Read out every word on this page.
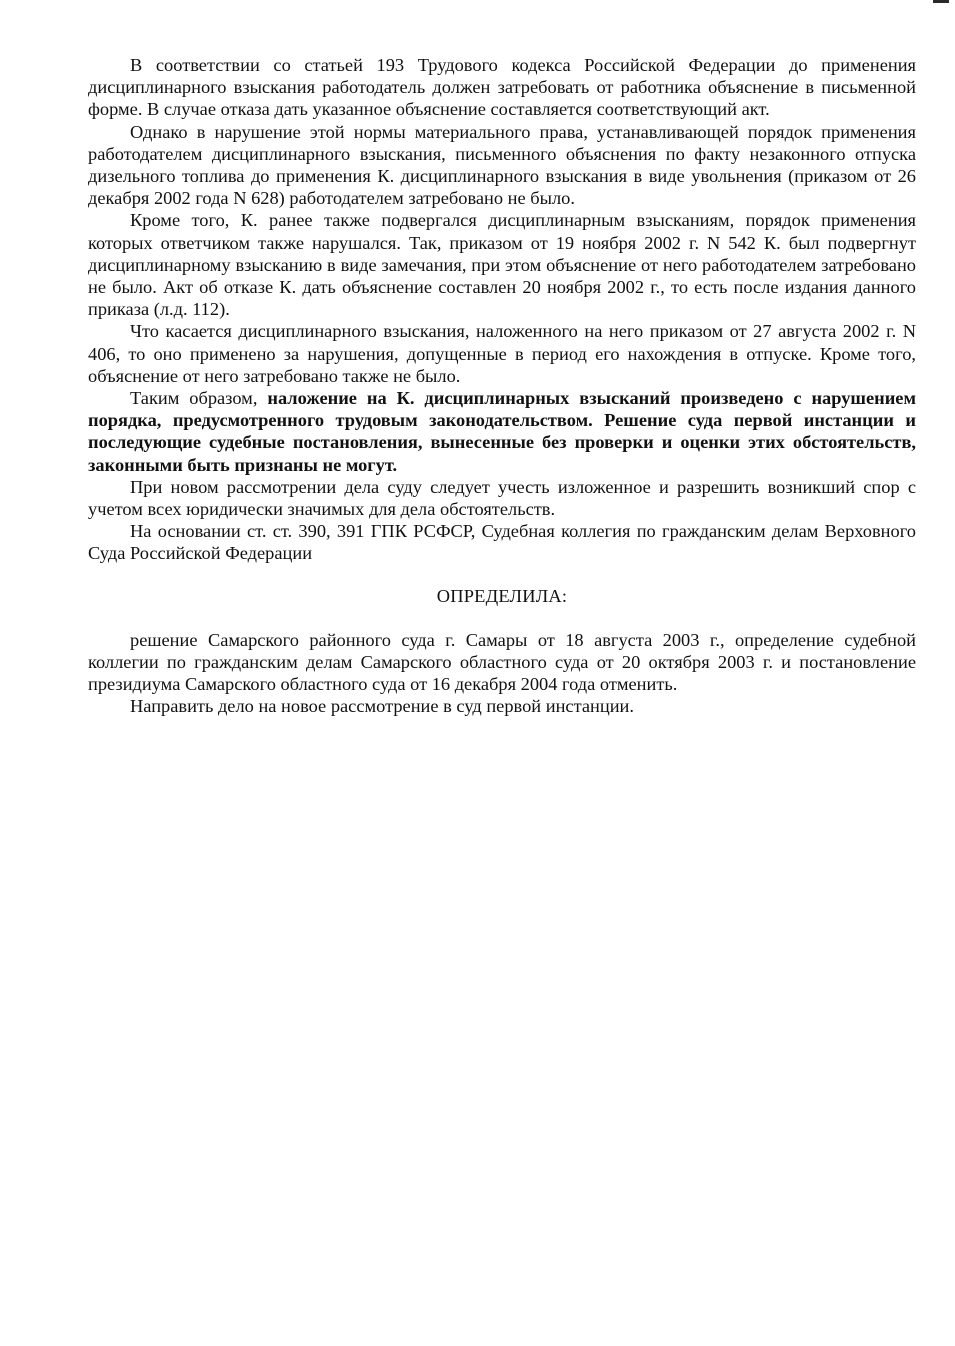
В соответствии со статьей 193 Трудового кодекса Российской Федерации до применения дисциплинарного взыскания работодатель должен затребовать от работника объяснение в письменной форме. В случае отказа дать указанное объяснение составляется соответствующий акт.

Однако в нарушение этой нормы материального права, устанавливающей порядок применения работодателем дисциплинарного взыскания, письменного объяснения по факту незаконного отпуска дизельного топлива до применения К. дисциплинарного взыскания в виде увольнения (приказом от 26 декабря 2002 года N 628) работодателем затребовано не было.

Кроме того, К. ранее также подвергался дисциплинарным взысканиям, порядок применения которых ответчиком также нарушался. Так, приказом от 19 ноября 2002 г. N 542 К. был подвергнут дисциплинарному взысканию в виде замечания, при этом объяснение от него работодателем затребовано не было. Акт об отказе К. дать объяснение составлен 20 ноября 2002 г., то есть после издания данного приказа (л.д. 112).

Что касается дисциплинарного взыскания, наложенного на него приказом от 27 августа 2002 г. N 406, то оно применено за нарушения, допущенные в период его нахождения в отпуске. Кроме того, объяснение от него затребовано также не было.

Таким образом, наложение на К. дисциплинарных взысканий произведено с нарушением порядка, предусмотренного трудовым законодательством. Решение суда первой инстанции и последующие судебные постановления, вынесенные без проверки и оценки этих обстоятельств, законными быть признаны не могут.

При новом рассмотрении дела суду следует учесть изложенное и разрешить возникший спор с учетом всех юридически значимых для дела обстоятельств.

На основании ст. ст. 390, 391 ГПК РСФСР, Судебная коллегия по гражданским делам Верховного Суда Российской Федерации

ОПРЕДЕЛИЛА:

решение Самарского районного суда г. Самары от 18 августа 2003 г., определение судебной коллегии по гражданским делам Самарского областного суда от 20 октября 2003 г. и постановление президиума Самарского областного суда от 16 декабря 2004 года отменить.

Направить дело на новое рассмотрение в суд первой инстанции.
